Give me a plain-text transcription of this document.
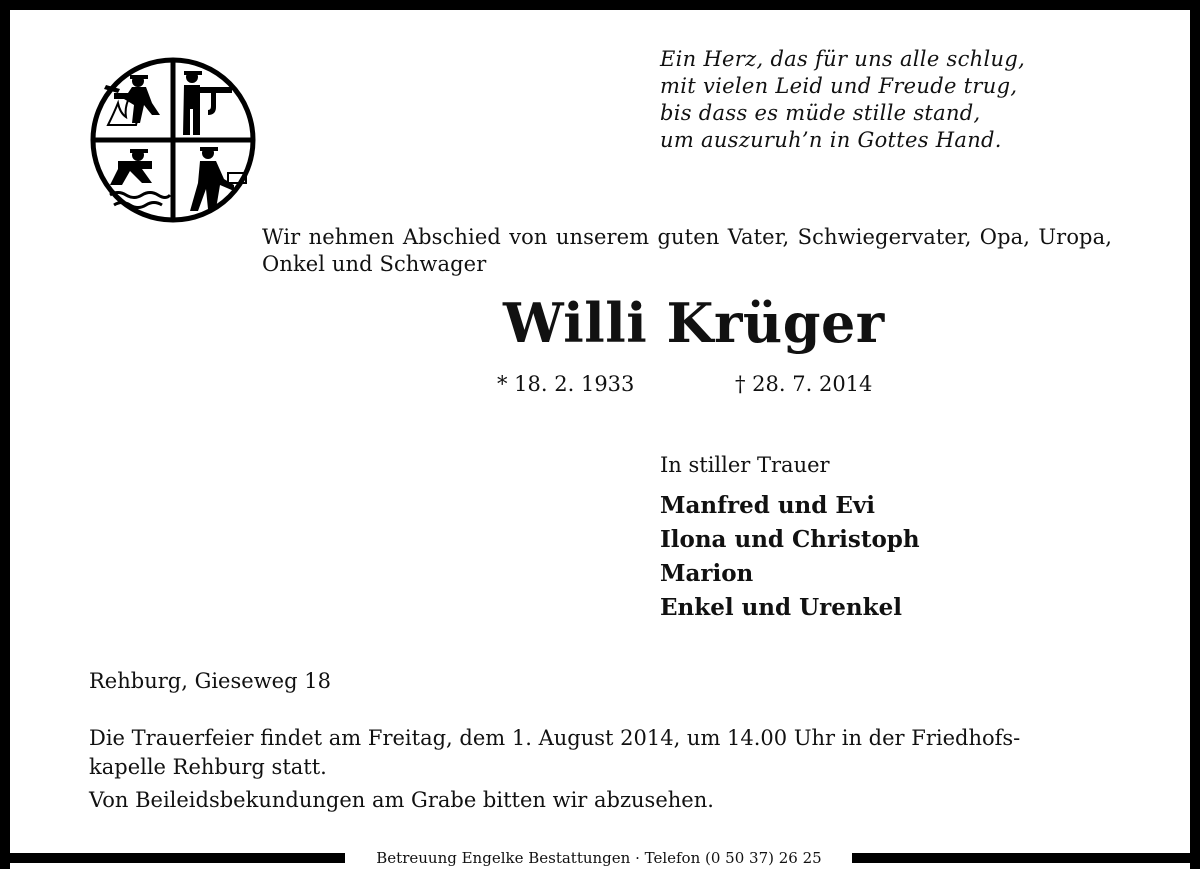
Ein Herz, das für uns alle schlug,
mit vielen Leid und Freude trug,
bis dass es müde stille stand,
um auszuruh’n in Gottes Hand.
Wir nehmen Abschied von unserem guten Vater, Schwiegervater, Opa, Uropa, Onkel und Schwager
Willi Krüger
* 18. 2. 1933	† 28. 7. 2014
In stiller Trauer
Manfred und Evi
Ilona und Christoph
Marion
Enkel und Urenkel
Rehburg, Gieseweg 18
Die Trauerfeier findet am Freitag, dem 1. August 2014, um 14.00 Uhr in der Friedhofs-
kapelle Rehburg statt.
Von Beileidsbekundungen am Grabe bitten wir abzusehen.
Betreuung Engelke Bestattungen · Telefon (0 50 37) 26 25
